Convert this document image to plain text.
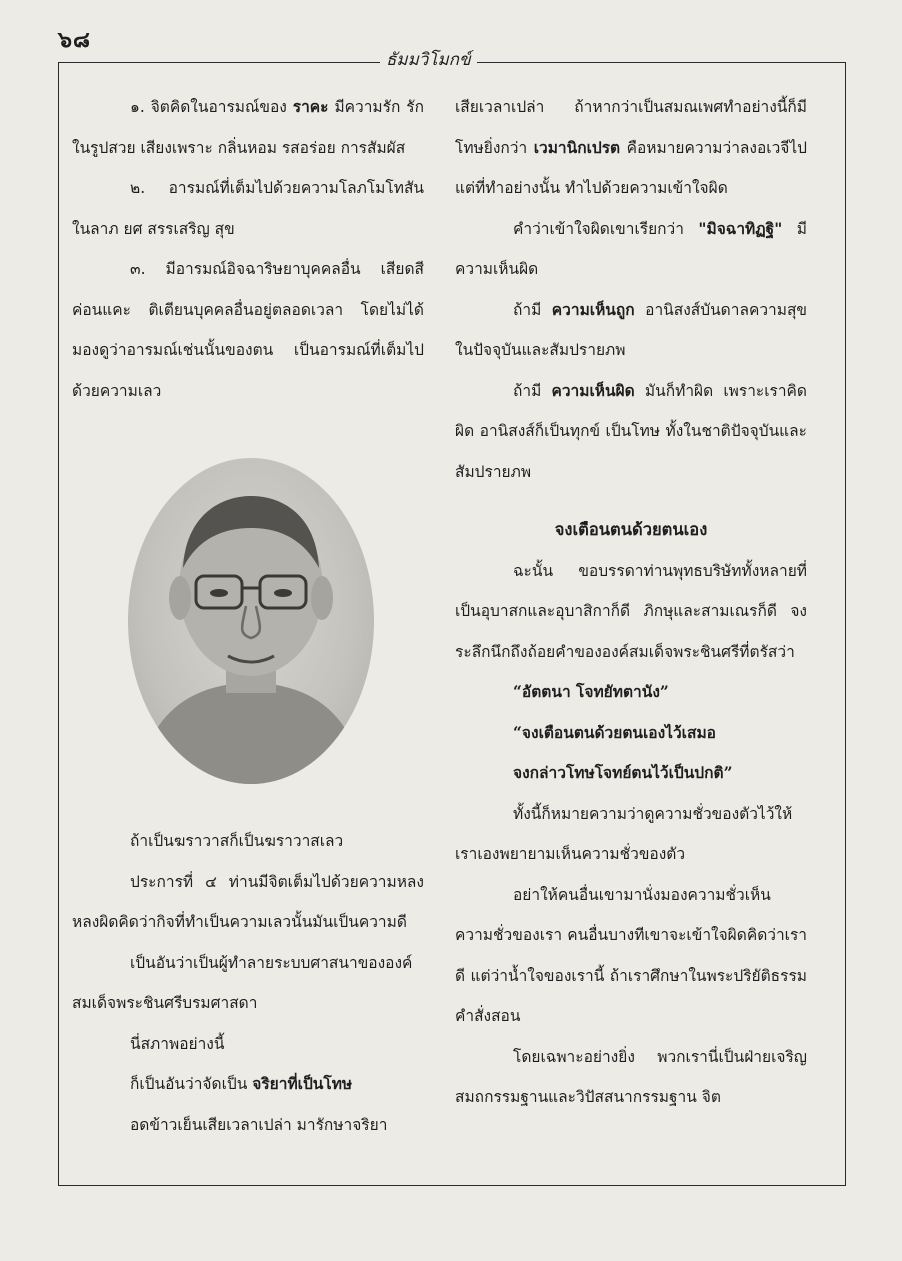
๖๘
ธัมมวิโมกข์

๑. จิตคิดในอารมณ์ของ ราคะ มีความรัก รักในรูปสวย เสียงเพราะ กลิ่นหอม รสอร่อย การสัมผัส

๒. อารมณ์ที่เต็มไปด้วยความโลภโมโทสัน ในลาภ ยศ สรรเสริญ สุข

๓. มีอารมณ์อิจฉาริษยาบุคคลอื่น เสียดสี ค่อนแคะ ติเตียนบุคคลอื่นอยู่ตลอดเวลา โดยไม่ได้มองดูว่าอารมณ์เช่นนั้นของตน เป็นอารมณ์ที่เต็มไปด้วยความเลว

ถ้าเป็นฆราวาสก็เป็นฆราวาสเลว

ประการที่ ๔ ท่านมีจิตเต็มไปด้วยความหลง หลงผิดคิดว่ากิจที่ทำเป็นความเลวนั้นมันเป็นความดี

เป็นอันว่าเป็นผู้ทำลายระบบศาสนาขององค์สมเด็จพระชินศรีบรมศาสดา

นี่สภาพอย่างนี้

ก็เป็นอันว่าจัดเป็น จริยาที่เป็นโทษ

อดข้าวเย็นเสียเวลาเปล่า มารักษาจริยา

เสียเวลาเปล่า ถ้าหากว่าเป็นสมณเพศทำอย่างนี้ก็มีโทษยิ่งกว่า เวมานิกเปรต คือหมายความว่าลงอเวจีไป แต่ที่ทำอย่างนั้น ทำไปด้วยความเข้าใจผิด

คำว่าเข้าใจผิดเขาเรียกว่า "มิจฉาทิฏฐิ" มีความเห็นผิด

ถ้ามี ความเห็นถูก อานิสงส์บันดาลความสุขในปัจจุบันและสัมปรายภพ

ถ้ามี ความเห็นผิด มันก็ทำผิด เพราะเราคิดผิด อานิสงส์ก็เป็นทุกข์ เป็นโทษ ทั้งในชาติปัจจุบันและสัมปรายภพ

จงเตือนตนด้วยตนเอง

ฉะนั้น ขอบรรดาท่านพุทธบริษัททั้งหลายที่เป็นอุบาสกและอุบาสิกาก็ดี ภิกษุและสามเณรก็ดี จงระลึกนึกถึงถ้อยคำขององค์สมเด็จพระชินศรีที่ตรัสว่า

“อัตตนา โจทยัทตานัง”

“จงเตือนตนด้วยตนเองไว้เสมอ

จงกล่าวโทษโจทย์ตนไว้เป็นปกติ”

ทั้งนี้ก็หมายความว่าดูความชั่วของตัวไว้ให้เราเองพยายามเห็นความชั่วของตัว

อย่าให้คนอื่นเขามานั่งมองความชั่วเห็นความชั่วของเรา คนอื่นบางทีเขาจะเข้าใจผิดคิดว่าเราดี แต่ว่าน้ำใจของเรานี้ ถ้าเราศึกษาในพระปริยัติธรรม คำสั่งสอน

โดยเฉพาะอย่างยิ่ง พวกเรานี่เป็นฝ่ายเจริญสมถกรรมฐานและวิปัสสนากรรมฐาน จิต
